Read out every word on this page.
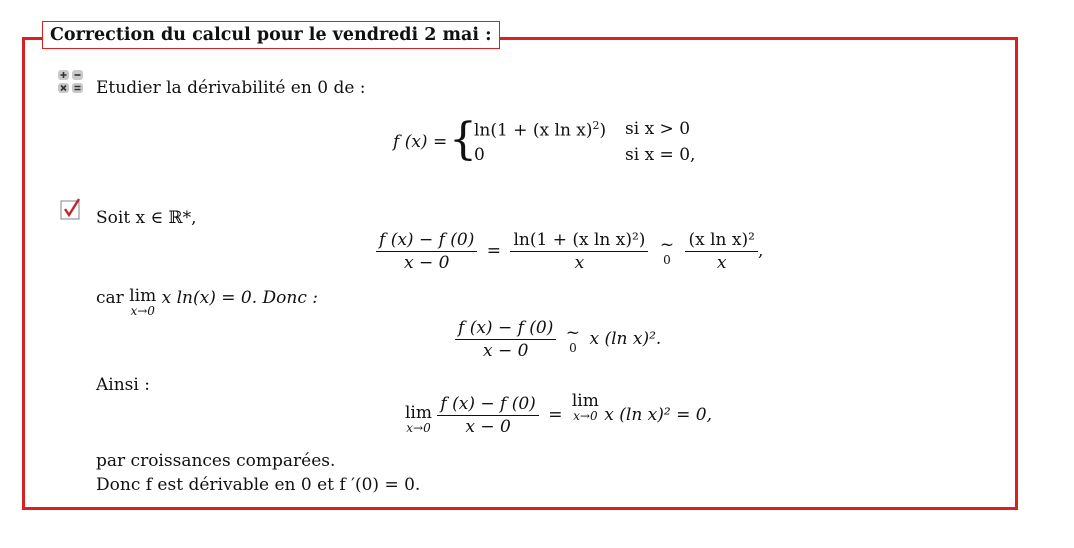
Correction du calcul pour le vendredi 2 mai :
Etudier la dérivabilité en 0 de :
f (x) = {
ln(1 + (x ln x)$^2$) si x > 0
0	si x = 0,
Soit x ∈ ℝ*,
$\frac{f (x) - f (0)}{x - 0} = \frac{\text{ln(1 + (x ln x)²)}}{x}$
~
0
$\frac{\text{(x ln x)²}}{x}$ ,
car lim
x→0
x ln(x) = 0. Donc :
$\frac{f (x) - f (0)}{x - 0}$
~
0 x (ln x)².
Ainsi :
lim
x→0
$\frac{f (x) - f (0)}{x - 0}$ =
lim
x→0 x (ln x)² = 0,
par croissances comparées.
Donc f est dérivable en 0 et f ′(0) = 0.
